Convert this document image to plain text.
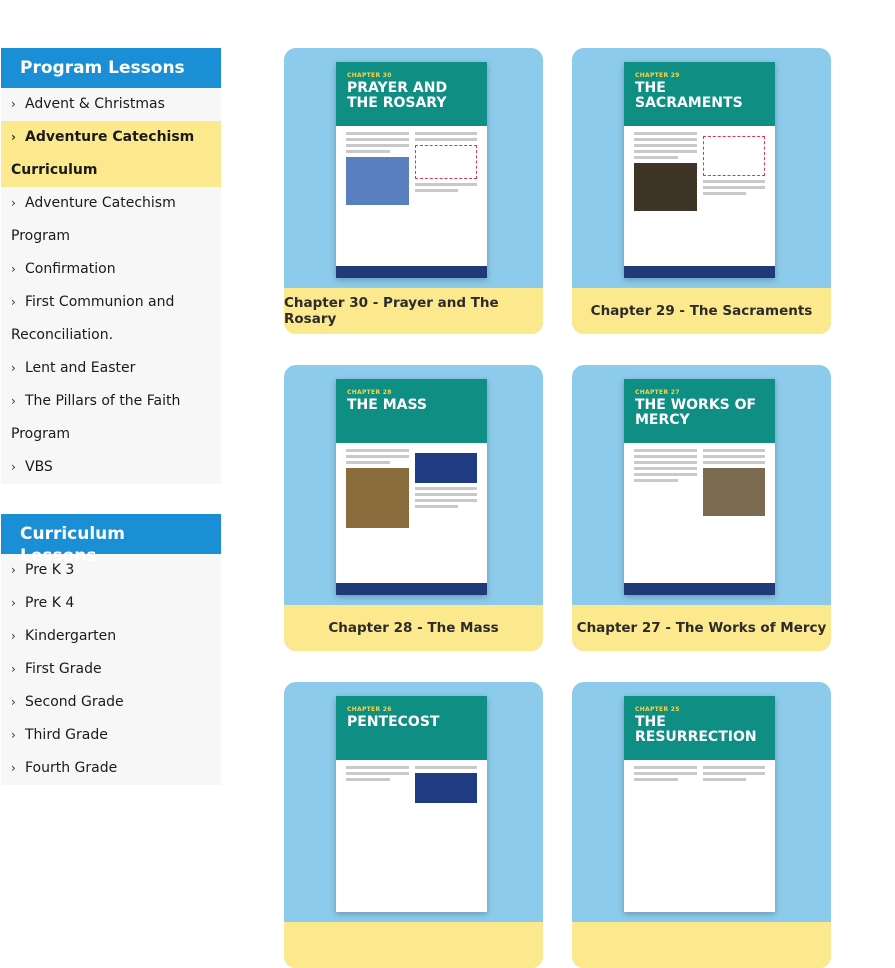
Program Lessons
› Advent & Christmas
› Adventure Catechism Curriculum
› Adventure Catechism Program
› Confirmation
› First Communion and Reconciliation.
› Lent and Easter
› The Pillars of the Faith Program
› VBS
Curriculum Lessons
› Pre K 3
› Pre K 4
› Kindergarten
› First Grade
› Second Grade
› Third Grade
› Fourth Grade
CHAPTER 30
PRAYER AND THE ROSARY
Chapter 30 - Prayer and The Rosary
CHAPTER 29
THE SACRAMENTS
Chapter 29 - The Sacraments
CHAPTER 28
THE MASS
Chapter 28 - The Mass
CHAPTER 27
THE WORKS OF MERCY
Chapter 27 - The Works of Mercy
CHAPTER 26
PENTECOST
CHAPTER 25
THE RESURRECTION
